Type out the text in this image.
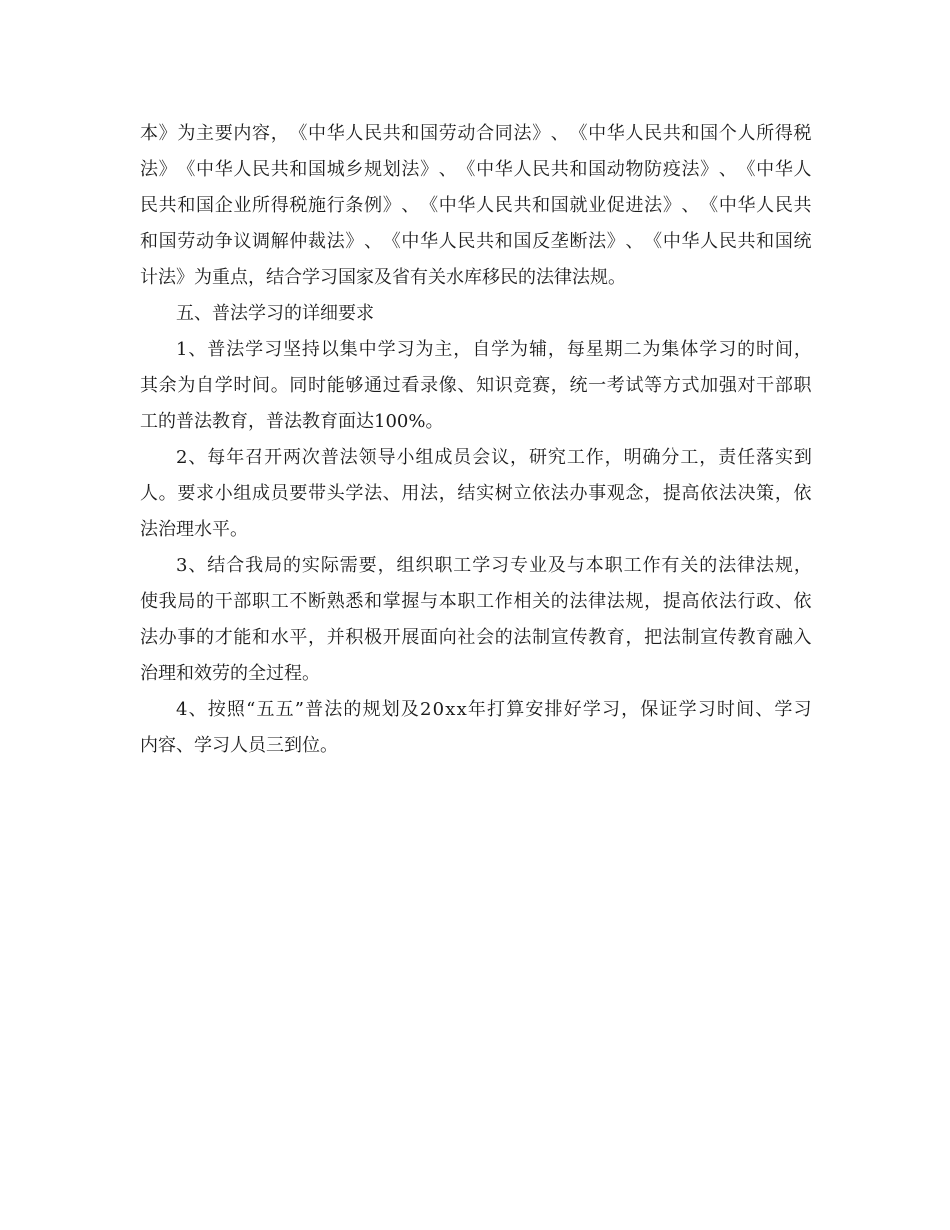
本 》 为 主 要 内 容 ， 《 中 华 人 民 共 和 国 劳 动 合 同 法 》 、 《 中 华 人 民 共 和 国 个 人 所 得 税
法 》 《 中 华 人 民 共 和 国 城 乡 规 划 法 》 、 《 中 华 人 民 共 和 国 动 物 防 疫 法 》 、 《 中 华 人
民 共 和 国 企 业 所 得 税 施 行 条 例 》 、 《 中 华 人 民 共 和 国 就 业 促 进 法 》 、 《 中 华 人 民 共
和 国 劳 动 争 议 调 解 仲 裁 法 》 、 《 中 华 人 民 共 和 国 反 垄 断 法 》 、 《 中 华 人 民 共 和 国 统
计法》为重点，结合学习国家及省有关水库移民的法律法规。
五、普法学习的详细要求
1 、 普 法 学 习 坚 持 以 集 中 学 习 为 主 ， 自 学 为 辅 ， 每 星 期 二 为 集 体 学 习 的 时 间 ，
其 余 为 自 学 时 间 。 同 时 能 够 通 过 看 录 像 、 知 识 竞 赛 ， 统 一 考 试 等 方 式 加 强 对 干 部 职
工的普法教育，普法教育面达100%。
2 、 每 年 召 开 两 次 普 法 领 导 小 组 成 员 会 议 ， 研 究 工 作 ， 明 确 分 工 ， 责 任 落 实 到
人 。 要 求 小 组 成 员 要 带 头 学 法 、 用 法 ， 结 实 树 立 依 法 办 事 观 念 ， 提 高 依 法 决 策 ， 依
法治理水平。
3 、 结 合 我 局 的 实 际 需 要 ， 组 织 职 工 学 习 专 业 及 与 本 职 工 作 有 关 的 法 律 法 规 ，
使 我 局 的 干 部 职 工 不 断 熟 悉 和 掌 握 与 本 职 工 作 相 关 的 法 律 法 规 ， 提 高 依 法 行 政 、 依
法 办 事 的 才 能 和 水 平 ， 并 积 极 开 展 面 向 社 会 的 法 制 宣 传 教 育 ， 把 法 制 宣 传 教 育 融 入
治理和效劳的全过程。
4 、 按 照 “ 五 五 ” 普 法 的 规 划 及 2 0 x x 年 打 算 安 排 好 学 习 ， 保 证 学 习 时 间 、 学 习
内容、学习人员三到位。
